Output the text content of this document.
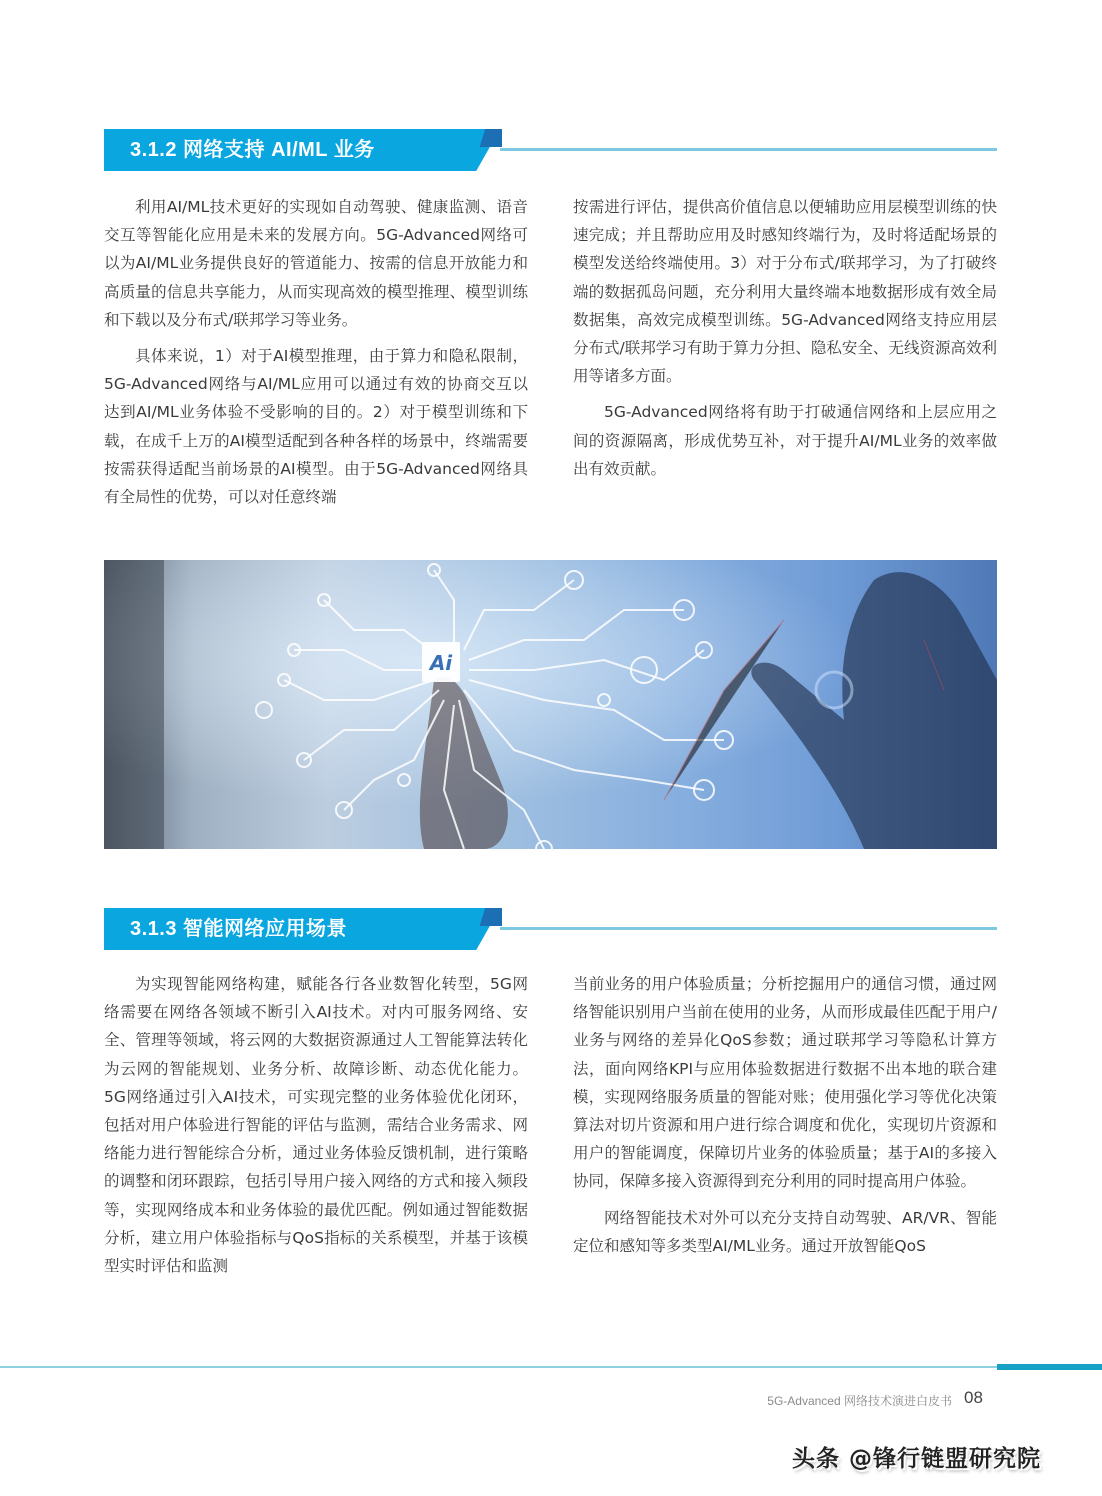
3.1.2 网络支持 AI/ML 业务

利用AI/ML技术更好的实现如自动驾驶、健康监测、语音交互等智能化应用是未来的发展方向。5G-Advanced网络可以为AI/ML业务提供良好的管道能力、按需的信息开放能力和高质量的信息共享能力，从而实现高效的模型推理、模型训练和下载以及分布式/联邦学习等业务。

具体来说，1）对于AI模型推理，由于算力和隐私限制， 5G-Advanced网络与AI/ML应用可以通过有效的协商交互以达到AI/ML业务体验不受影响的目的。2）对于模型训练和下载，在成千上万的AI模型适配到各种各样的场景中，终端需要按需获得适配当前场景的AI模型。由于5G-Advanced网络具有全局性的优势，可以对任意终端

按需进行评估，提供高价值信息以便辅助应用层模型训练的快速完成；并且帮助应用及时感知终端行为，及时将适配场景的模型发送给终端使用。3）对于分布式/联邦学习，为了打破终端的数据孤岛问题，充分利用大量终端本地数据形成有效全局数据集，高效完成模型训练。5G-Advanced网络支持应用层分布式/联邦学习有助于算力分担、隐私安全、无线资源高效利用等诸多方面。

5G-Advanced网络将有助于打破通信网络和上层应用之间的资源隔离，形成优势互补，对于提升AI/ML业务的效率做出有效贡献。

Ai
3.1.3 智能网络应用场景

为实现智能网络构建，赋能各行各业数智化转型，5G网络需要在网络各领域不断引入AI技术。对内可服务网络、安全、管理等领域，将云网的大数据资源通过人工智能算法转化为云网的智能规划、业务分析、故障诊断、动态优化能力。5G网络通过引入AI技术，可实现完整的业务体验优化闭环，包括对用户体验进行智能的评估与监测，需结合业务需求、网络能力进行智能综合分析，通过业务体验反馈机制，进行策略的调整和闭环跟踪，包括引导用户接入网络的方式和接入频段等，实现网络成本和业务体验的最优匹配。例如通过智能数据分析，建立用户体验指标与QoS指标的关系模型，并基于该模型实时评估和监测

当前业务的用户体验质量；分析挖掘用户的通信习惯，通过网络智能识别用户当前在使用的业务，从而形成最佳匹配于用户/业务与网络的差异化QoS参数；通过联邦学习等隐私计算方法，面向网络KPI与应用体验数据进行数据不出本地的联合建模，实现网络服务质量的智能对账；使用强化学习等优化决策算法对切片资源和用户进行综合调度和优化，实现切片资源和用户的智能调度，保障切片业务的体验质量；基于AI的多接入协同，保障多接入资源得到充分利用的同时提高用户体验。

网络智能技术对外可以充分支持自动驾驶、AR/VR、智能定位和感知等多类型AI/ML业务。通过开放智能QoS

5G-Advanced 网络技术演进白皮书 08
头条 @锋行链盟研究院
